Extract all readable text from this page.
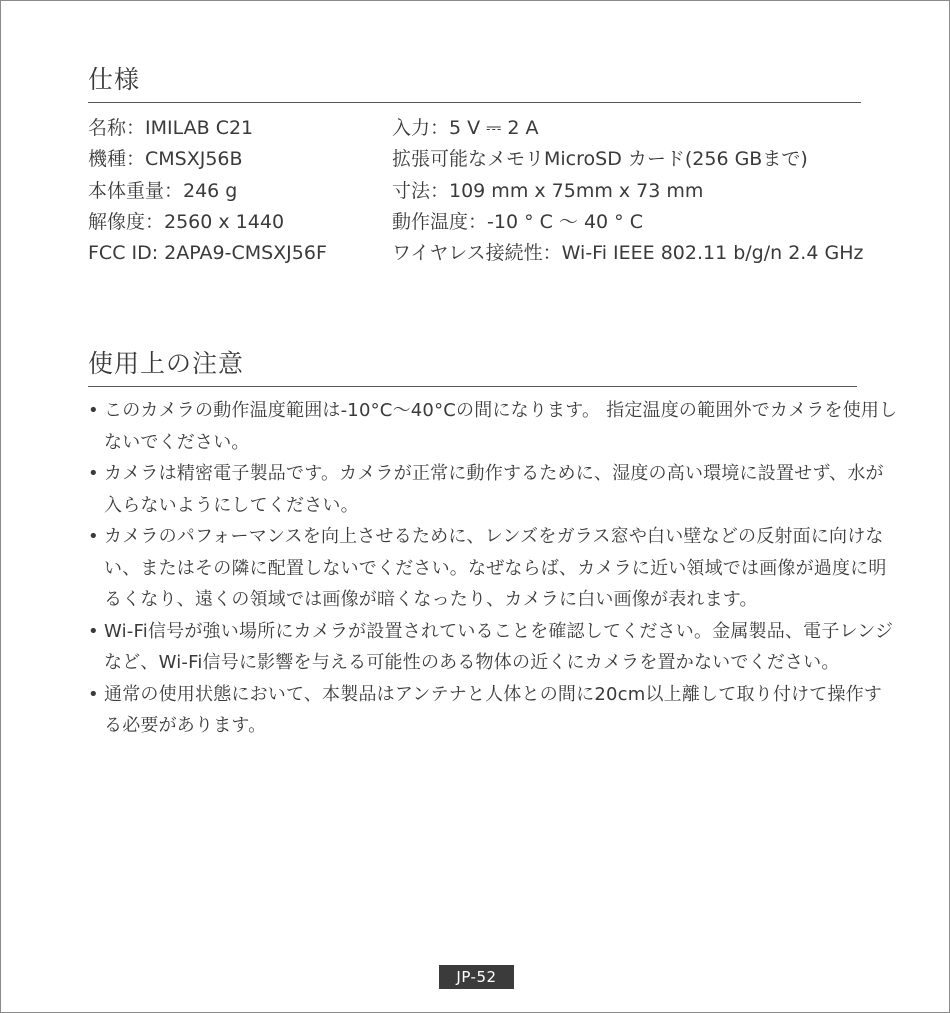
仕様
名称：IMILAB C21
機種：CMSXJ56B
本体重量：246 g
解像度：2560 x 1440
FCC ID: 2APA9-CMSXJ56F
入力：5 V ⎓ 2 A
拡張可能なメモリMicroSD カード(256 GBまで)
寸法：109 mm x 75mm x 73 mm
動作温度：-10 ° C ～ 40 ° C
ワイヤレス接続性：Wi-Fi IEEE 802.11 b/g/n 2.4 GHz
使用上の注意
• このカメラの動作温度範囲は-10°C～40°Cの間になります。 指定温度の範囲外でカメラを使用しないでください。
• カメラは精密電子製品です。カメラが正常に動作するために、湿度の高い環境に設置せず、水が入らないようにしてください。
• カメラのパフォーマンスを向上させるために、レンズをガラス窓や白い壁などの反射面に向けない、またはその隣に配置しないでください。なぜならば、カメラに近い領域では画像が過度に明るくなり、遠くの領域では画像が暗くなったり、カメラに白い画像が表れます。
• Wi-Fi信号が強い場所にカメラが設置されていることを確認してください。金属製品、電子レンジなど、Wi-Fi信号に影響を与える可能性のある物体の近くにカメラを置かないでください。
• 通常の使用状態において、本製品はアンテナと人体との間に20cm以上離して取り付けて操作する必要があります。
JP-52
